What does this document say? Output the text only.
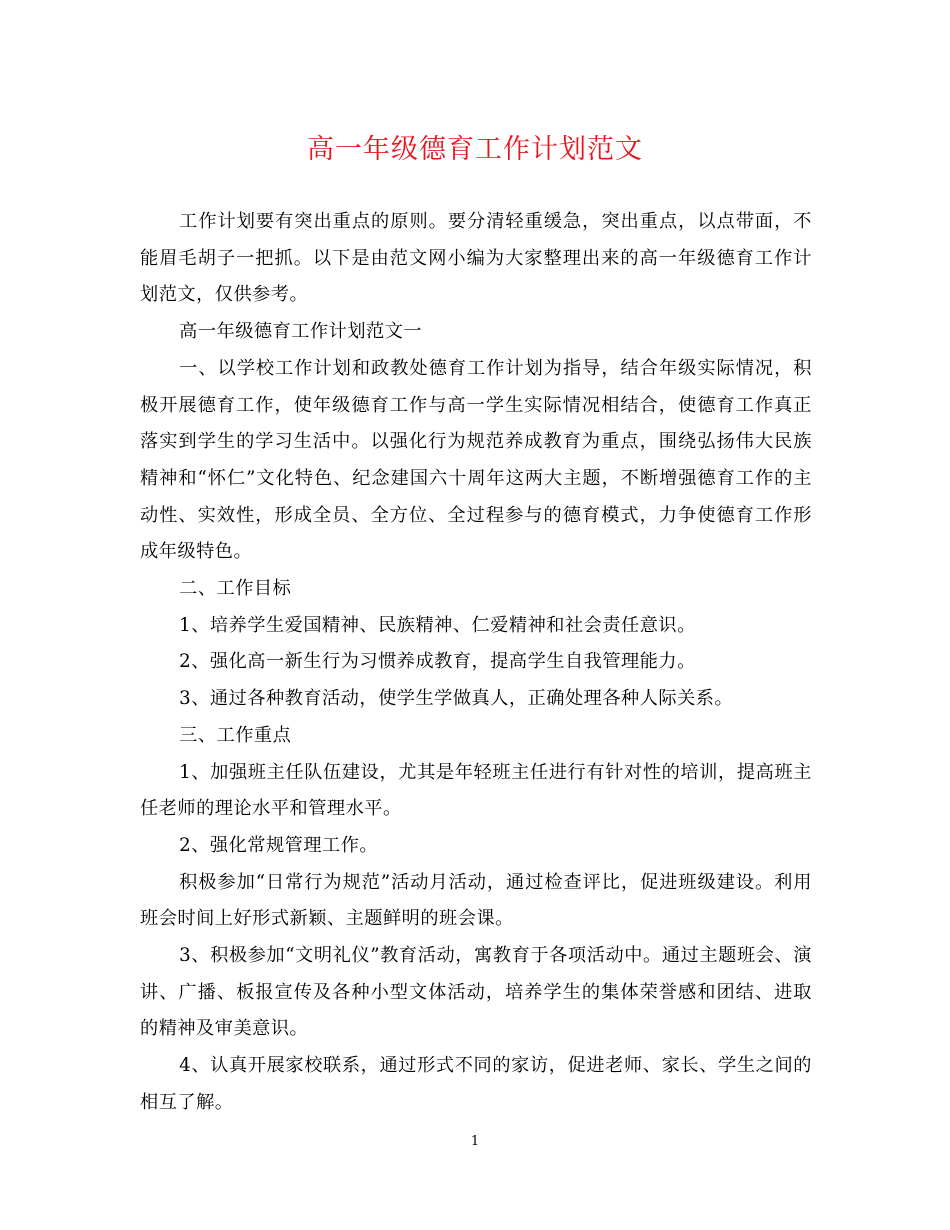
高一年级德育工作计划范文

工作计划要有突出重点的原则。要分清轻重缓急，突出重点，以点带面，不能眉毛胡子一把抓。以下是由范文网小编为大家整理出来的高一年级德育工作计划范文，仅供参考。

高一年级德育工作计划范文一

一、以学校工作计划和政教处德育工作计划为指导，结合年级实际情况，积极开展德育工作，使年级德育工作与高一学生实际情况相结合，使德育工作真正落实到学生的学习生活中。以强化行为规范养成教育为重点，围绕弘扬伟大民族精神和“怀仁”文化特色、纪念建国六十周年这两大主题，不断增强德育工作的主动性、实效性，形成全员、全方位、全过程参与的德育模式，力争使德育工作形成年级特色。

二、工作目标

1、培养学生爱国精神、民族精神、仁爱精神和社会责任意识。

2、强化高一新生行为习惯养成教育，提高学生自我管理能力。

3、通过各种教育活动，使学生学做真人，正确处理各种人际关系。

三、工作重点

1、加强班主任队伍建设，尤其是年轻班主任进行有针对性的培训，提高班主任老师的理论水平和管理水平。

2、强化常规管理工作。

积极参加“日常行为规范”活动月活动，通过检查评比，促进班级建设。利用班会时间上好形式新颖、主题鲜明的班会课。

3、积极参加“文明礼仪”教育活动，寓教育于各项活动中。通过主题班会、演讲、广播、板报宣传及各种小型文体活动，培养学生的集体荣誉感和团结、进取的精神及审美意识。

4、认真开展家校联系，通过形式不同的家访，促进老师、家长、学生之间的相互了解。

1
